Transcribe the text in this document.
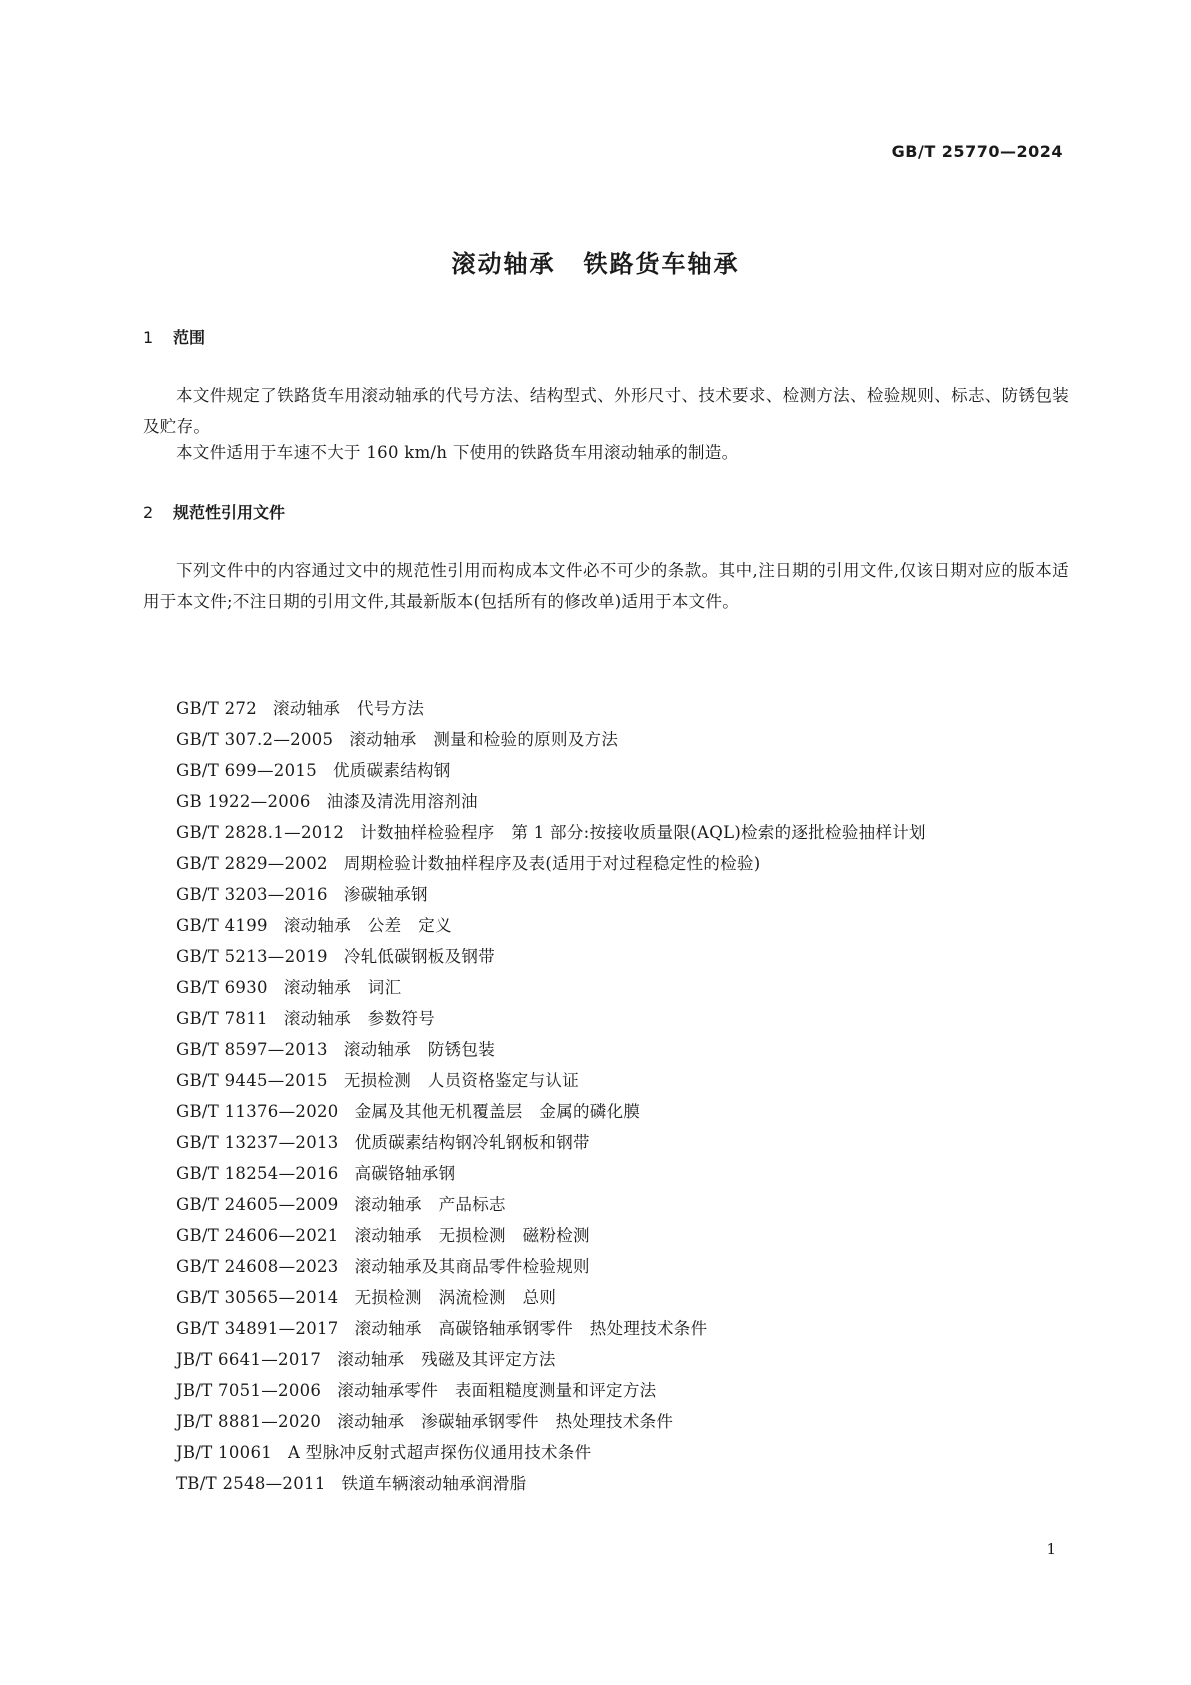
GB/T 25770—2024
滚动轴承 铁路货车轴承
1 范围
本文件规定了铁路货车用滚动轴承的代号方法、结构型式、外形尺寸、技术要求、检测方法、检验规则、标志、防锈包装及贮存。
本文件适用于车速不大于 160 km/h 下使用的铁路货车用滚动轴承的制造。
2 规范性引用文件
下列文件中的内容通过文中的规范性引用而构成本文件必不可少的条款。其中,注日期的引用文件,仅该日期对应的版本适用于本文件;不注日期的引用文件,其最新版本(包括所有的修改单)适用于本文件。
GB/T 272 滚动轴承　代号方法
GB/T 307.2—2005 滚动轴承　测量和检验的原则及方法
GB/T 699—2015 优质碳素结构钢
GB 1922—2006 油漆及清洗用溶剂油
GB/T 2828.1—2012 计数抽样检验程序　第 1 部分:按接收质量限(AQL)检索的逐批检验抽样计划
GB/T 2829—2002 周期检验计数抽样程序及表(适用于对过程稳定性的检验)
GB/T 3203—2016 渗碳轴承钢
GB/T 4199 滚动轴承　公差　定义
GB/T 5213—2019 冷轧低碳钢板及钢带
GB/T 6930 滚动轴承　词汇
GB/T 7811 滚动轴承　参数符号
GB/T 8597—2013 滚动轴承　防锈包装
GB/T 9445—2015 无损检测　人员资格鉴定与认证
GB/T 11376—2020 金属及其他无机覆盖层　金属的磷化膜
GB/T 13237—2013 优质碳素结构钢冷轧钢板和钢带
GB/T 18254—2016 高碳铬轴承钢
GB/T 24605—2009 滚动轴承　产品标志
GB/T 24606—2021 滚动轴承　无损检测　磁粉检测
GB/T 24608—2023 滚动轴承及其商品零件检验规则
GB/T 30565—2014 无损检测　涡流检测　总则
GB/T 34891—2017 滚动轴承　高碳铬轴承钢零件　热处理技术条件
JB/T 6641—2017 滚动轴承　残磁及其评定方法
JB/T 7051—2006 滚动轴承零件　表面粗糙度测量和评定方法
JB/T 8881—2020 滚动轴承　渗碳轴承钢零件　热处理技术条件
JB/T 10061 A 型脉冲反射式超声探伤仪通用技术条件
TB/T 2548—2011 铁道车辆滚动轴承润滑脂
1
